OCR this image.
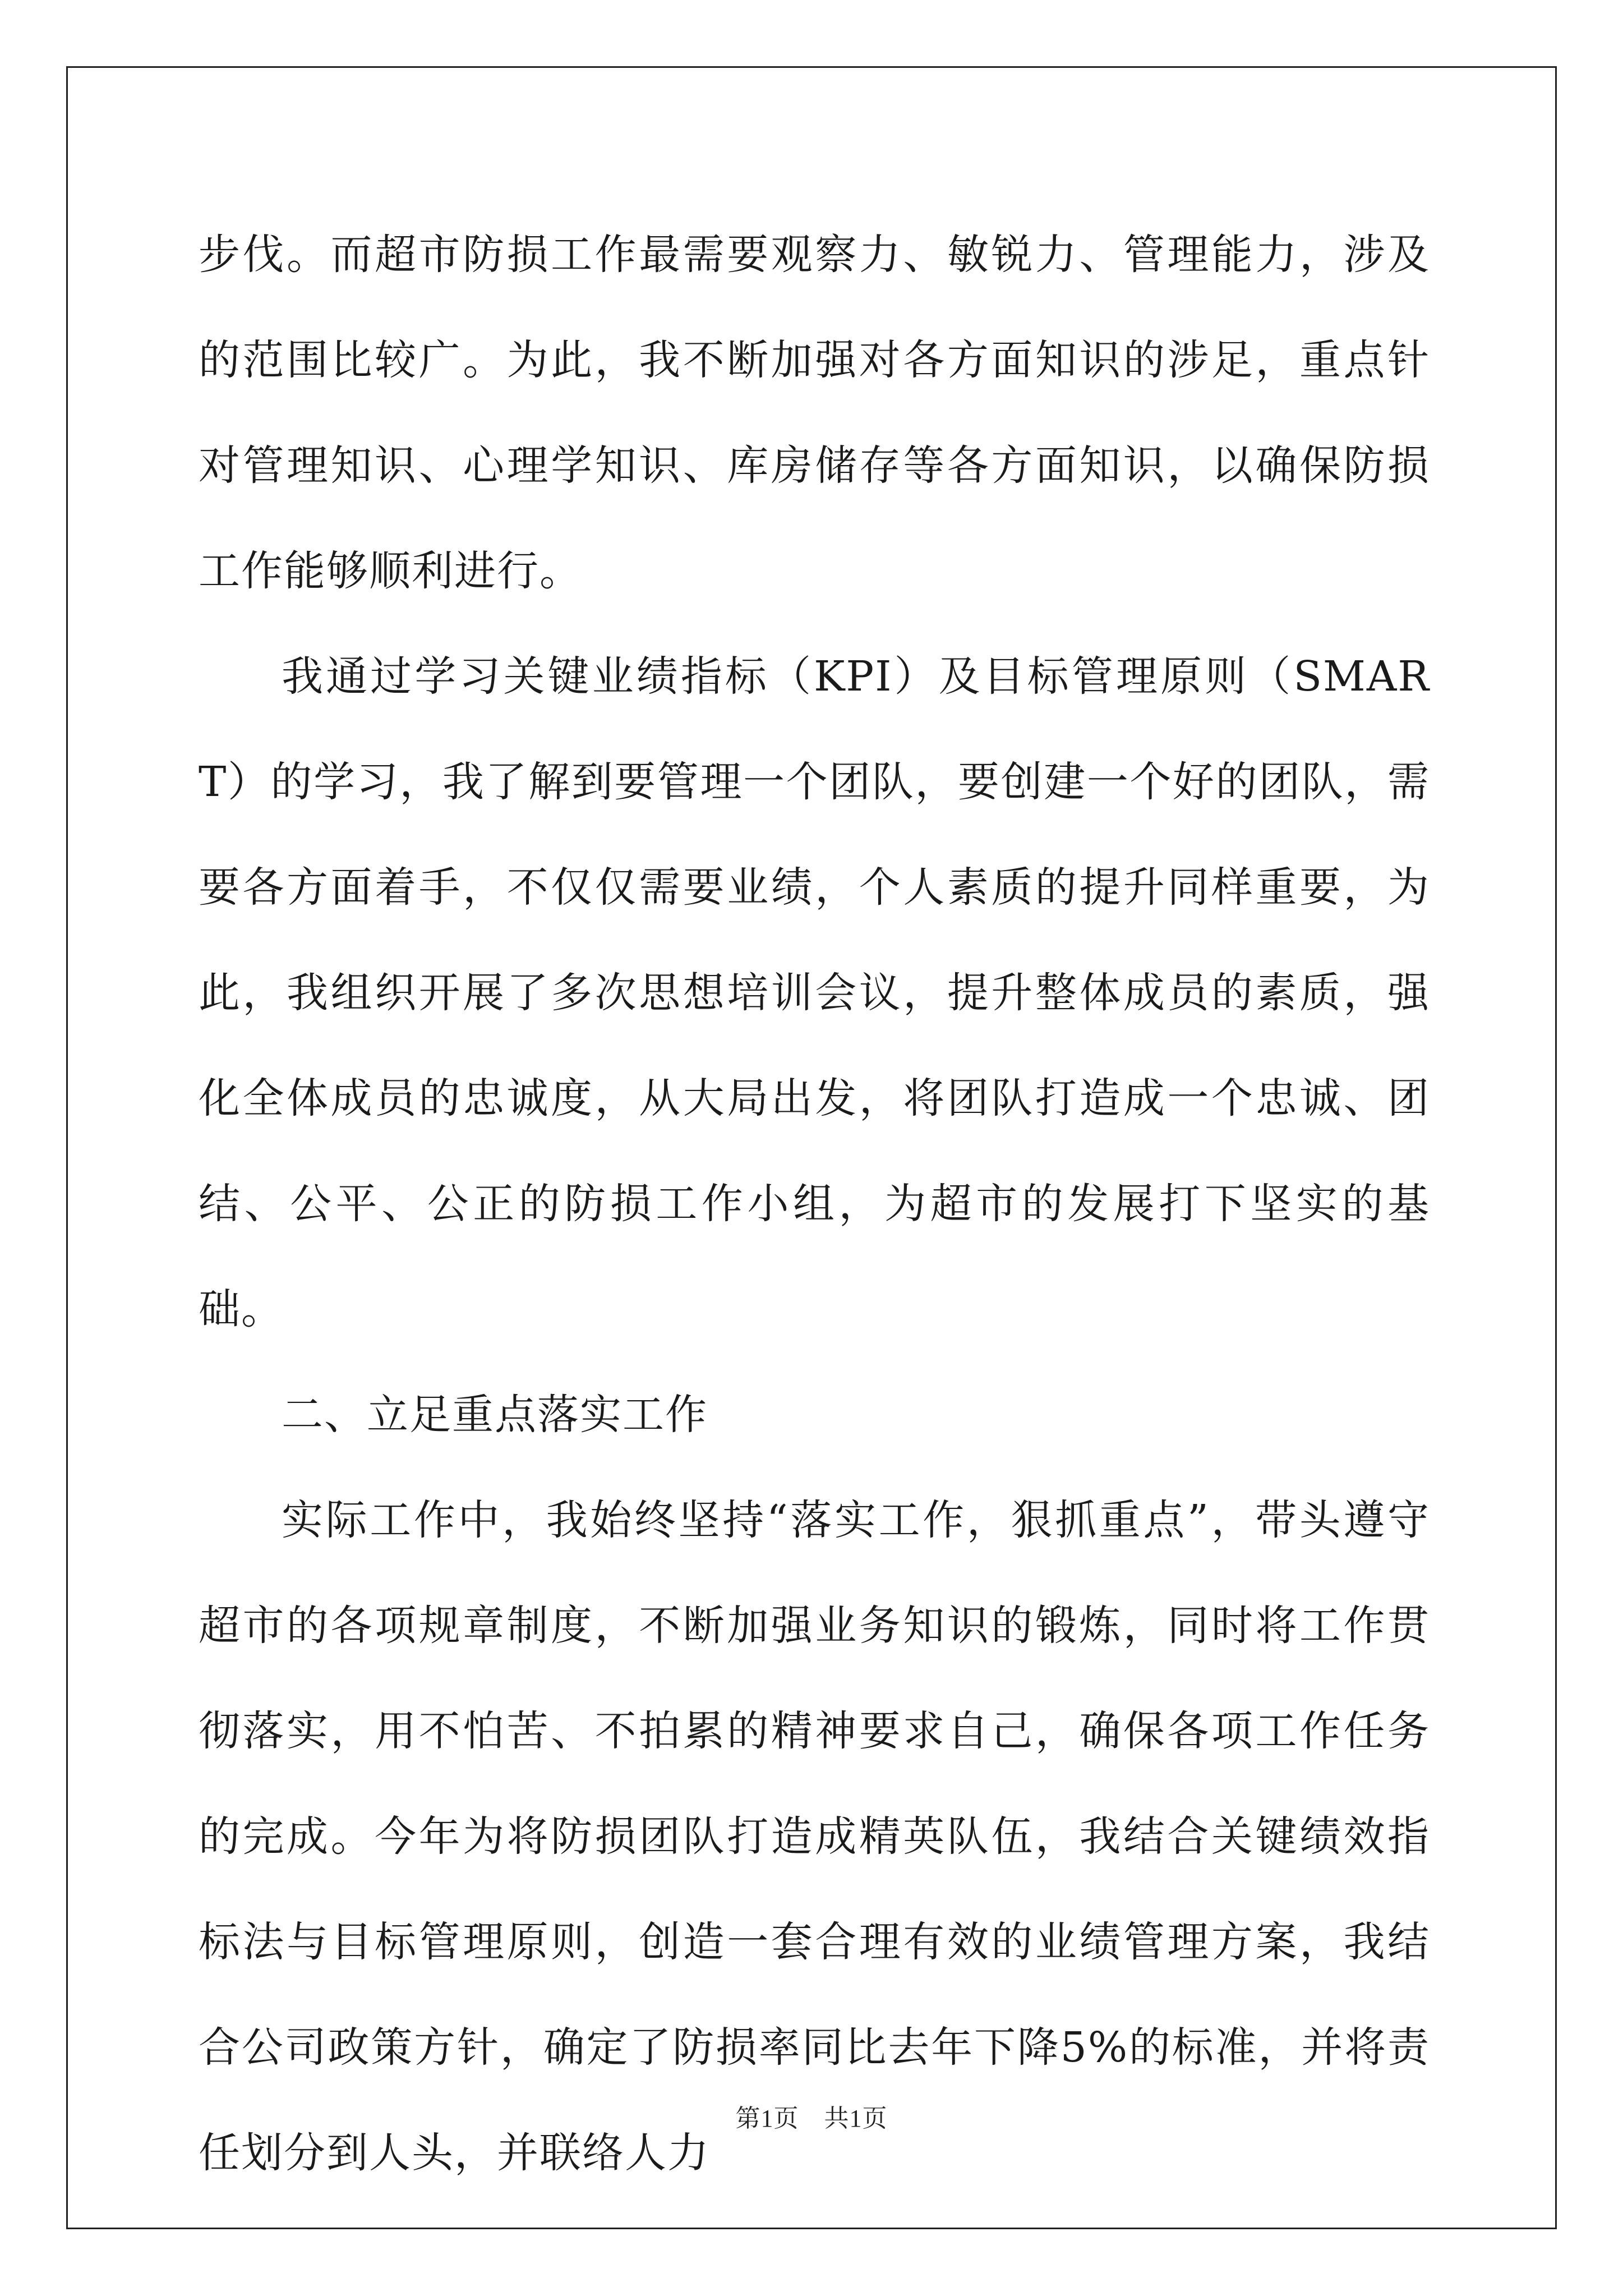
步伐。而超市防损工作最需要观察力、敏锐力、管理能力，涉及的范围比较广。为此，我不断加强对各方面知识的涉足，重点针对管理知识、心理学知识、库房储存等各方面知识，以确保防损工作能够顺利进行。

我通过学习关键业绩指标（KPI）及目标管理原则（SMART）的学习，我了解到要管理一个团队，要创建一个好的团队，需要各方面着手，不仅仅需要业绩，个人素质的提升同样重要，为此，我组织开展了多次思想培训会议，提升整体成员的素质，强化全体成员的忠诚度，从大局出发，将团队打造成一个忠诚、团结、公平、公正的防损工作小组，为超市的发展打下坚实的基础。

二、立足重点落实工作

实际工作中，我始终坚持“落实工作，狠抓重点”，带头遵守超市的各项规章制度，不断加强业务知识的锻炼，同时将工作贯彻落实，用不怕苦、不拍累的精神要求自己，确保各项工作任务的完成。今年为将防损团队打造成精英队伍，我结合关键绩效指标法与目标管理原则，创造一套合理有效的业绩管理方案，我结合公司政策方针，确定了防损率同比去年下降5%的标准，并将责任划分到人头，并联络人力

第1页　共1页
